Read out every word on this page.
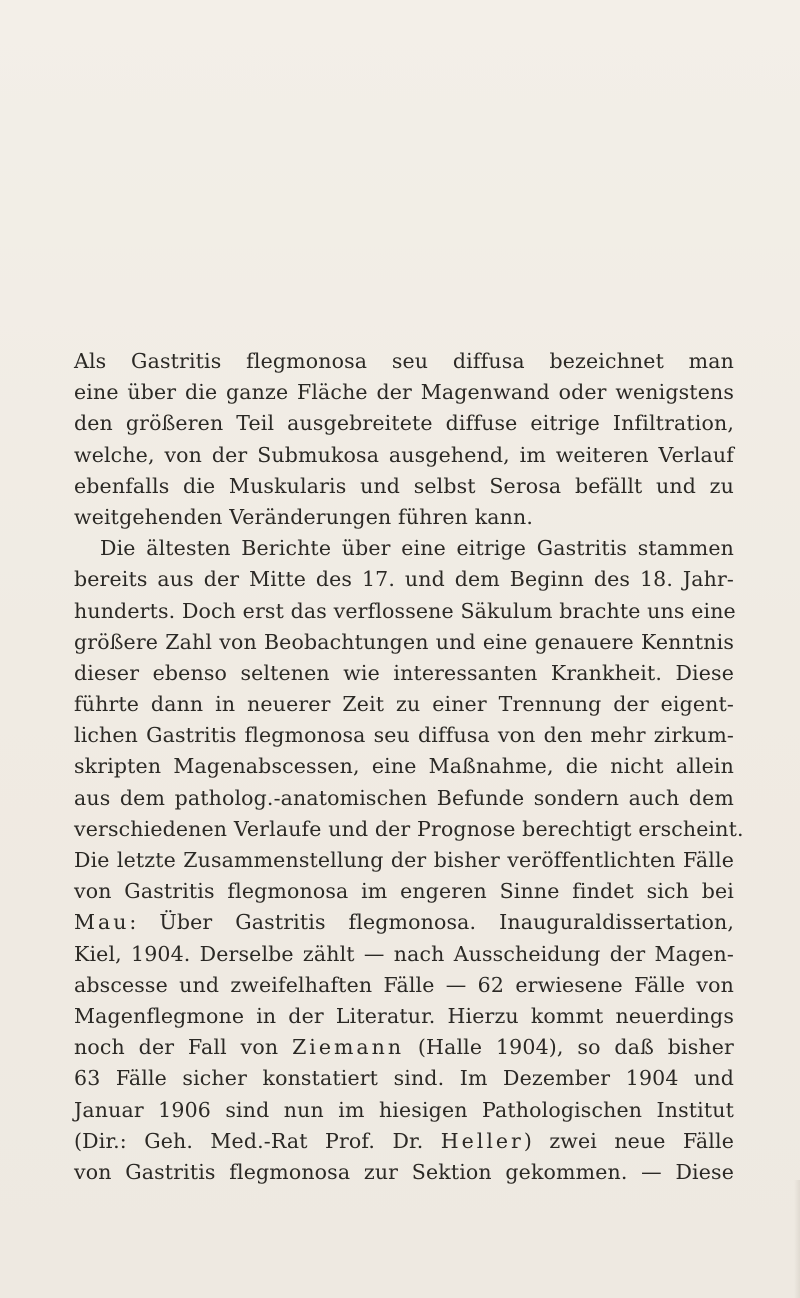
Als Gastritis flegmonosa seu diffusa bezeichnet man
eine über die ganze Fläche der Magenwand oder wenigstens
den größeren Teil ausgebreitete diffuse eitrige Infiltration,
welche, von der Submukosa ausgehend, im weiteren Verlauf
ebenfalls die Muskularis und selbst Serosa befällt und zu
weitgehenden Veränderungen führen kann.
Die ältesten Berichte über eine eitrige Gastritis stammen
bereits aus der Mitte des 17. und dem Beginn des 18. Jahr-
hunderts. Doch erst das verflossene Säkulum brachte uns eine
größere Zahl von Beobachtungen und eine genauere Kenntnis
dieser ebenso seltenen wie interessanten Krankheit. Diese
führte dann in neuerer Zeit zu einer Trennung der eigent-
lichen Gastritis flegmonosa seu diffusa von den mehr zirkum-
skripten Magenabscessen, eine Maßnahme, die nicht allein
aus dem patholog.-anatomischen Befunde sondern auch dem
verschiedenen Verlaufe und der Prognose berechtigt erscheint.
Die letzte Zusammenstellung der bisher veröffentlichten Fälle
von Gastritis flegmonosa im engeren Sinne findet sich bei
Mau: Über Gastritis flegmonosa. Inauguraldissertation,
Kiel, 1904. Derselbe zählt — nach Ausscheidung der Magen-
abscesse und zweifelhaften Fälle — 62 erwiesene Fälle von
Magenflegmone in der Literatur. Hierzu kommt neuerdings
noch der Fall von Ziemann (Halle 1904), so daß bisher
63 Fälle sicher konstatiert sind. Im Dezember 1904 und
Januar 1906 sind nun im hiesigen Pathologischen Institut
(Dir.: Geh. Med.-Rat Prof. Dr. Heller) zwei neue Fälle
von Gastritis flegmonosa zur Sektion gekommen. — Diese
